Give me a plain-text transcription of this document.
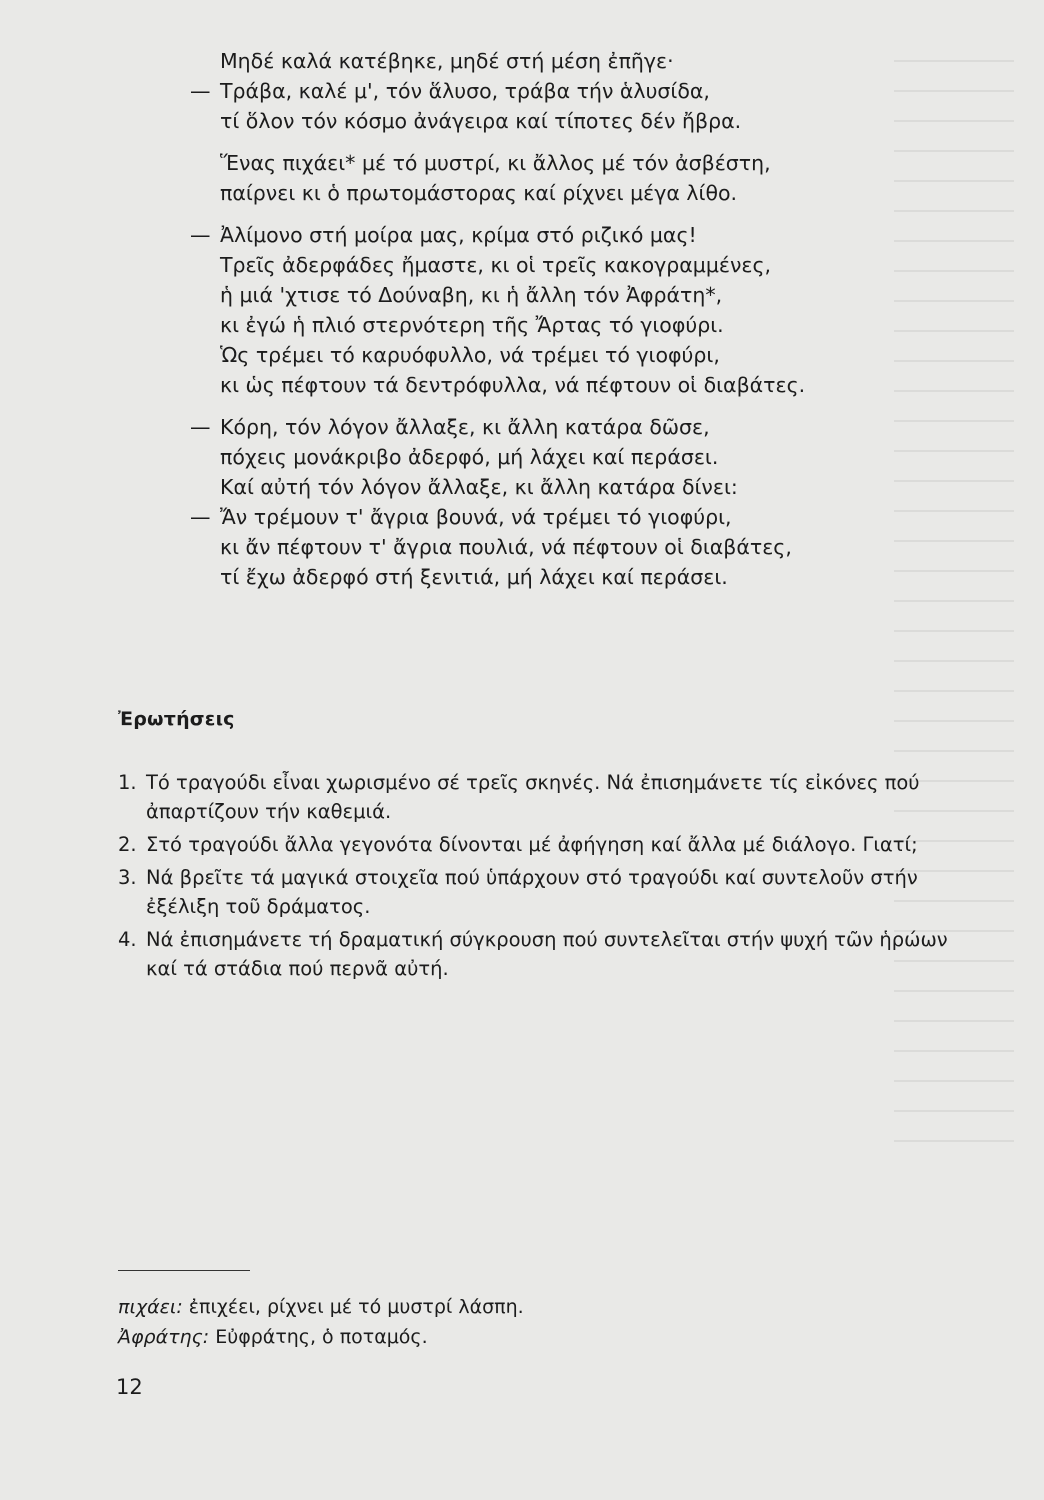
Μηδέ καλά κατέβηκε, μηδέ στή μέση ἐπῆγε·
— Τράβα, καλέ μ', τόν ἅλυσο, τράβα τήν ἁλυσίδα,
τί ὅλον τόν κόσμο ἀνάγειρα καί τίποτες δέν ἤβρα.
Ἕνας πιχάει* μέ τό μυστρί, κι ἄλλος μέ τόν ἀσβέστη,
παίρνει κι ὁ πρωτομάστορας καί ρίχνει μέγα λίθο.
— Ἀλίμονο στή μοίρα μας, κρίμα στό ριζικό μας!
Τρεῖς ἀδερφάδες ἤμαστε, κι οἱ τρεῖς κακογραμμένες,
ἡ μιά 'χτισε τό Δούναβη, κι ἡ ἄλλη τόν Ἀφράτη*,
κι ἐγώ ἡ πλιό στερνότερη τῆς Ἄρτας τό γιοφύρι.
Ὡς τρέμει τό καρυόφυλλο, νά τρέμει τό γιοφύρι,
κι ὡς πέφτουν τά δεντρόφυλλα, νά πέφτουν οἱ διαβάτες.
— Κόρη, τόν λόγον ἄλλαξε, κι ἄλλη κατάρα δῶσε,
πόχεις μονάκριβο ἀδερφό, μή λάχει καί περάσει.
Καί αὐτή τόν λόγον ἄλλαξε, κι ἄλλη κατάρα δίνει:
— Ἄν τρέμουν τ' ἄγρια βουνά, νά τρέμει τό γιοφύρι,
κι ἄν πέφτουν τ' ἄγρια πουλιά, νά πέφτουν οἱ διαβάτες,
τί ἔχω ἀδερφό στή ξενιτιά, μή λάχει καί περάσει.
Ἐρωτήσεις
1. Τό τραγούδι εἶναι χωρισμένο σέ τρεῖς σκηνές. Νά ἐπισημάνετε τίς εἰκόνες πού ἀπαρτίζουν τήν καθεμιά.
2. Στό τραγούδι ἄλλα γεγονότα δίνονται μέ ἀφήγηση καί ἄλλα μέ διάλογο. Γιατί;
3. Νά βρεῖτε τά μαγικά στοιχεῖα πού ὑπάρχουν στό τραγούδι καί συντελοῦν στήν ἐξέλιξη τοῦ δράματος.
4. Νά ἐπισημάνετε τή δραματική σύγκρουση πού συντελεῖται στήν ψυχή τῶν ἡρώων καί τά στάδια πού περνᾶ αὐτή.
πιχάει: ἐπιχέει, ρίχνει μέ τό μυστρί λάσπη.
Ἀφράτης: Εὐφράτης, ὁ ποταμός.
12
